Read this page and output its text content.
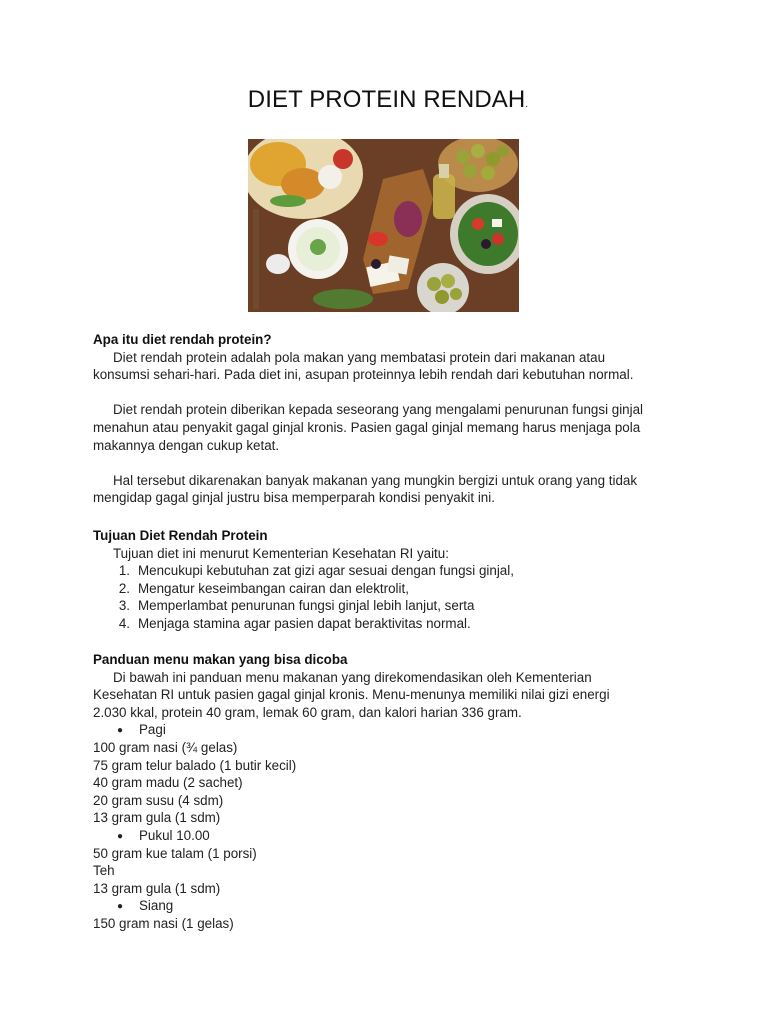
DIET PROTEIN RENDAH.
Apa itu diet rendah protein?
Diet rendah protein adalah pola makan yang membatasi protein dari makanan atau
konsumsi sehari-hari. Pada diet ini, asupan proteinnya lebih rendah dari kebutuhan normal.
Diet rendah protein diberikan kepada seseorang yang mengalami penurunan fungsi ginjal
menahun atau penyakit gagal ginjal kronis. Pasien gagal ginjal memang harus menjaga pola
makannya dengan cukup ketat.
Hal tersebut dikarenakan banyak makanan yang mungkin bergizi untuk orang yang tidak
mengidap gagal ginjal justru bisa memperparah kondisi penyakit ini.
Tujuan Diet Rendah Protein
Tujuan diet ini menurut Kementerian Kesehatan RI yaitu:
1. Mencukupi kebutuhan zat gizi agar sesuai dengan fungsi ginjal,
2. Mengatur keseimbangan cairan dan elektrolit,
3. Memperlambat penurunan fungsi ginjal lebih lanjut, serta
4. Menjaga stamina agar pasien dapat beraktivitas normal.
Panduan menu makan yang bisa dicoba
Di bawah ini panduan menu makanan yang direkomendasikan oleh Kementerian
Kesehatan RI untuk pasien gagal ginjal kronis. Menu-menunya memiliki nilai gizi energi
2.030 kkal, protein 40 gram, lemak 60 gram, dan kalori harian 336 gram.
● Pagi
100 gram nasi (¾ gelas)
75 gram telur balado (1 butir kecil)
40 gram madu (2 sachet)
20 gram susu (4 sdm)
13 gram gula (1 sdm)
● Pukul 10.00
50 gram kue talam (1 porsi)
Teh
13 gram gula (1 sdm)
● Siang
150 gram nasi (1 gelas)
